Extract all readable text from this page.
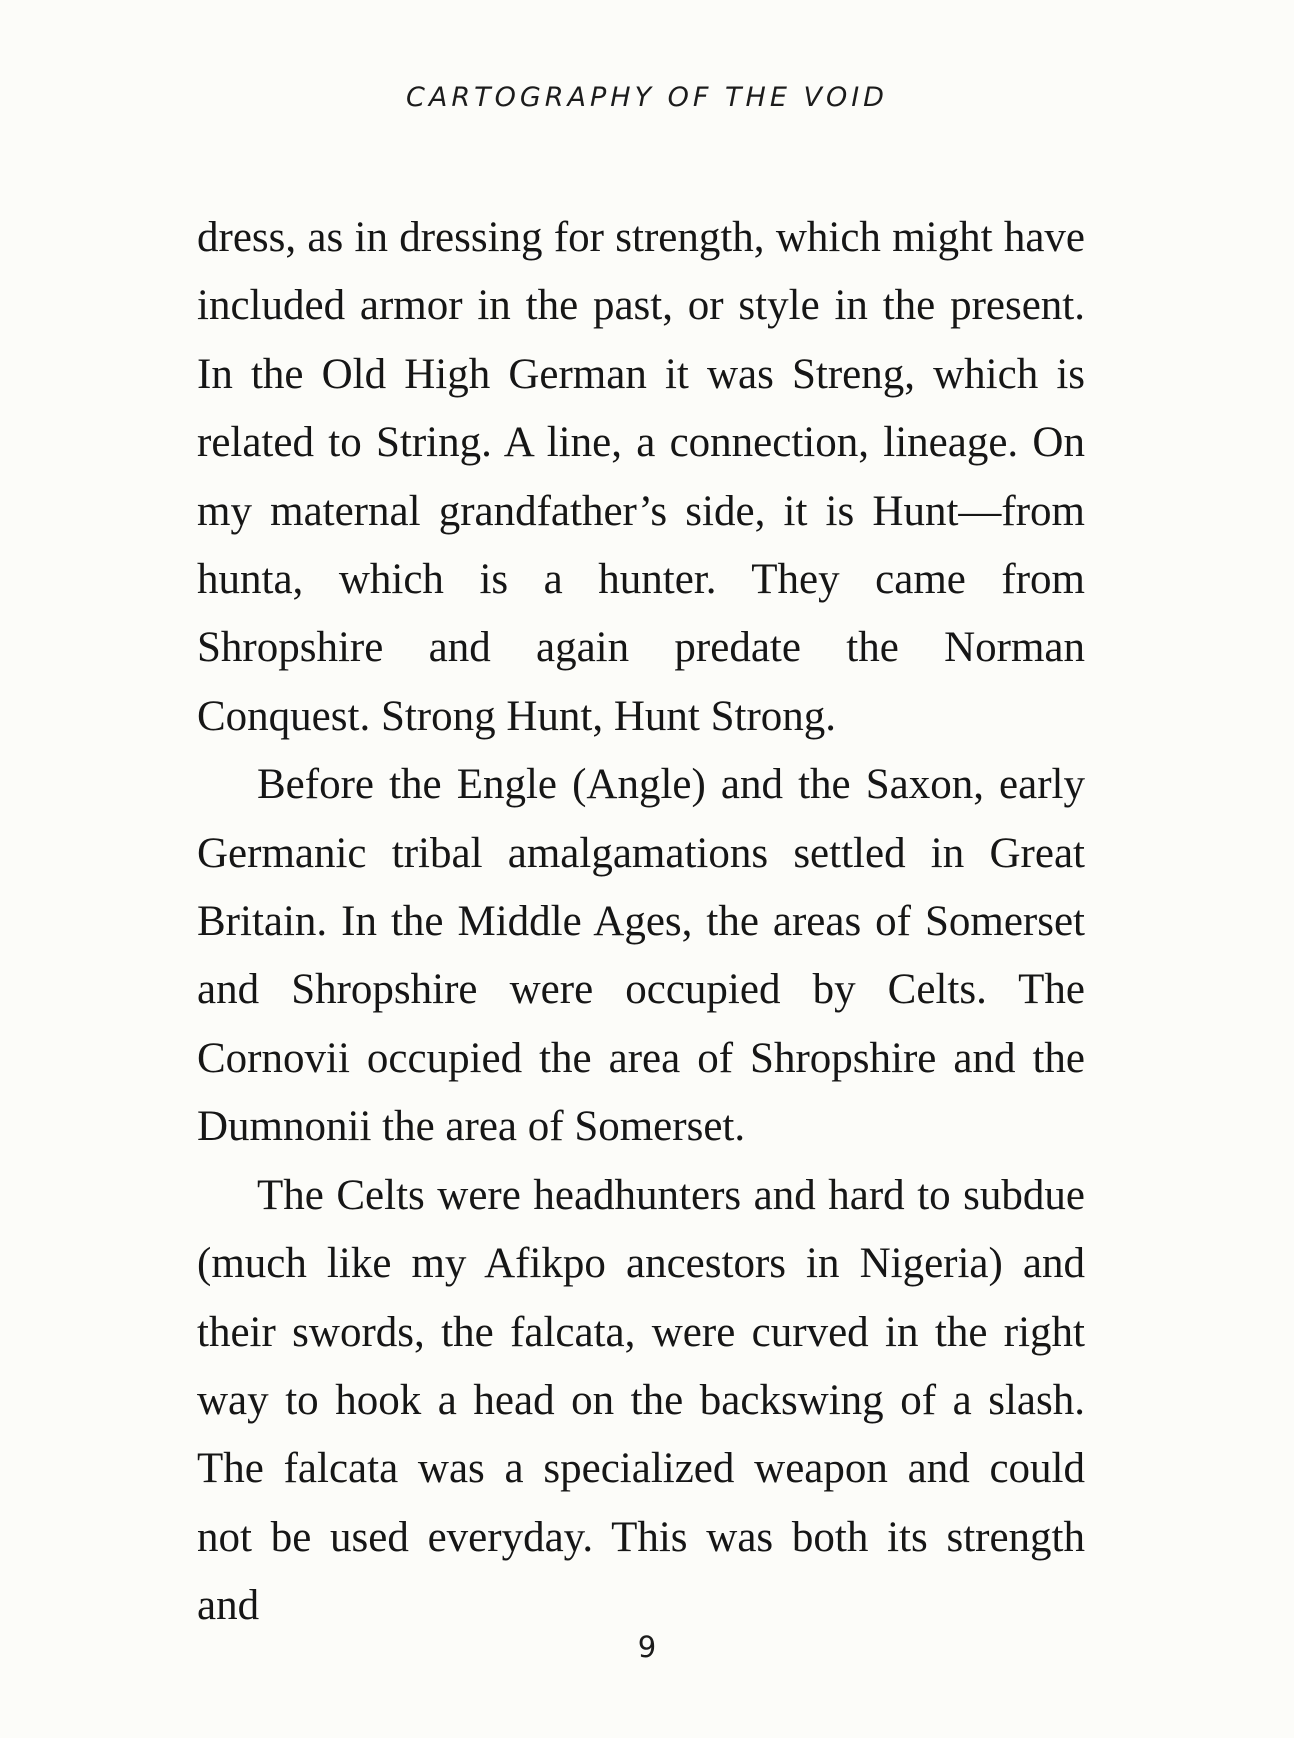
CARTOGRAPHY OF THE VOID

dress, as in dressing for strength, which might have included armor in the past, or style in the present. In the Old High German it was Streng, which is related to String. A line, a connection, lineage. On my maternal grandfather’s side, it is Hunt—from hunta, which is a hunter. They came from Shropshire and again predate the Norman Conquest. Strong Hunt, Hunt Strong.

Before the Engle (Angle) and the Saxon, early Germanic tribal amalgamations settled in Great Britain. In the Middle Ages, the areas of Somerset and Shropshire were occupied by Celts. The Cornovii occupied the area of Shropshire and the Dumnonii the area of Somerset.

The Celts were headhunters and hard to subdue (much like my Afikpo ancestors in Nigeria) and their swords, the falcata, were curved in the right way to hook a head on the backswing of a slash. The falcata was a specialized weapon and could not be used everyday. This was both its strength and

9
